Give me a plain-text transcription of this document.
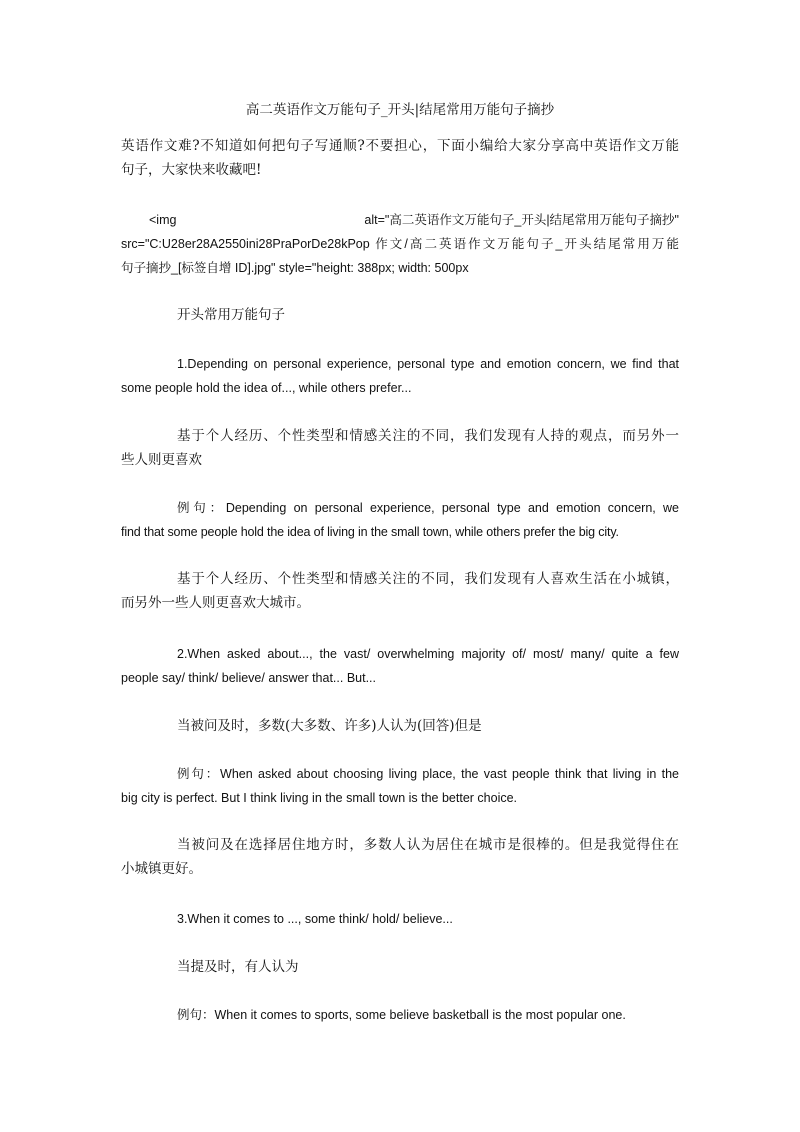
高二英语作文万能句子_开头|结尾常用万能句子摘抄
英语作文难?不知道如何把句子写通顺?不要担心，下面小编给大家分享高中英语作文万能
句子，大家快来收藏吧!
<img	alt="高二英语作文万能句子_开头|结尾常用万能句子摘抄"
src="C:U28er28A2550ini28PraPorDe28kPop 作文/高二英语作文万能句子_开头结尾常用万能
句子摘抄_[标签自增 ID].jpg" style="height: 388px; width: 500px
开头常用万能句子
1.Depending on personal experience, personal type and emotion concern, we find that
some people hold the idea of..., while others prefer...
基于个人经历、个性类型和情感关注的不同，我们发现有人持的观点，而另外一
些人则更喜欢
例句：Depending on personal experience, personal type and emotion concern, we
find that some people hold the idea of living in the small town, while others prefer the big city.
基于个人经历、个性类型和情感关注的不同，我们发现有人喜欢生活在小城镇，
而另外一些人则更喜欢大城市。
2.When asked about..., the vast/ overwhelming majority of/ most/ many/ quite a few
people say/ think/ believe/ answer that... But...
当被问及时，多数(大多数、许多)人认为(回答)但是
例句：When asked about choosing living place, the vast people think that living in the
big city is perfect. But I think living in the small town is the better choice.
当被问及在选择居住地方时，多数人认为居住在城市是很棒的。但是我觉得住在
小城镇更好。
3.When it comes to ..., some think/ hold/ believe...
当提及时，有人认为
例句：When it comes to sports, some believe basketball is the most popular one.
